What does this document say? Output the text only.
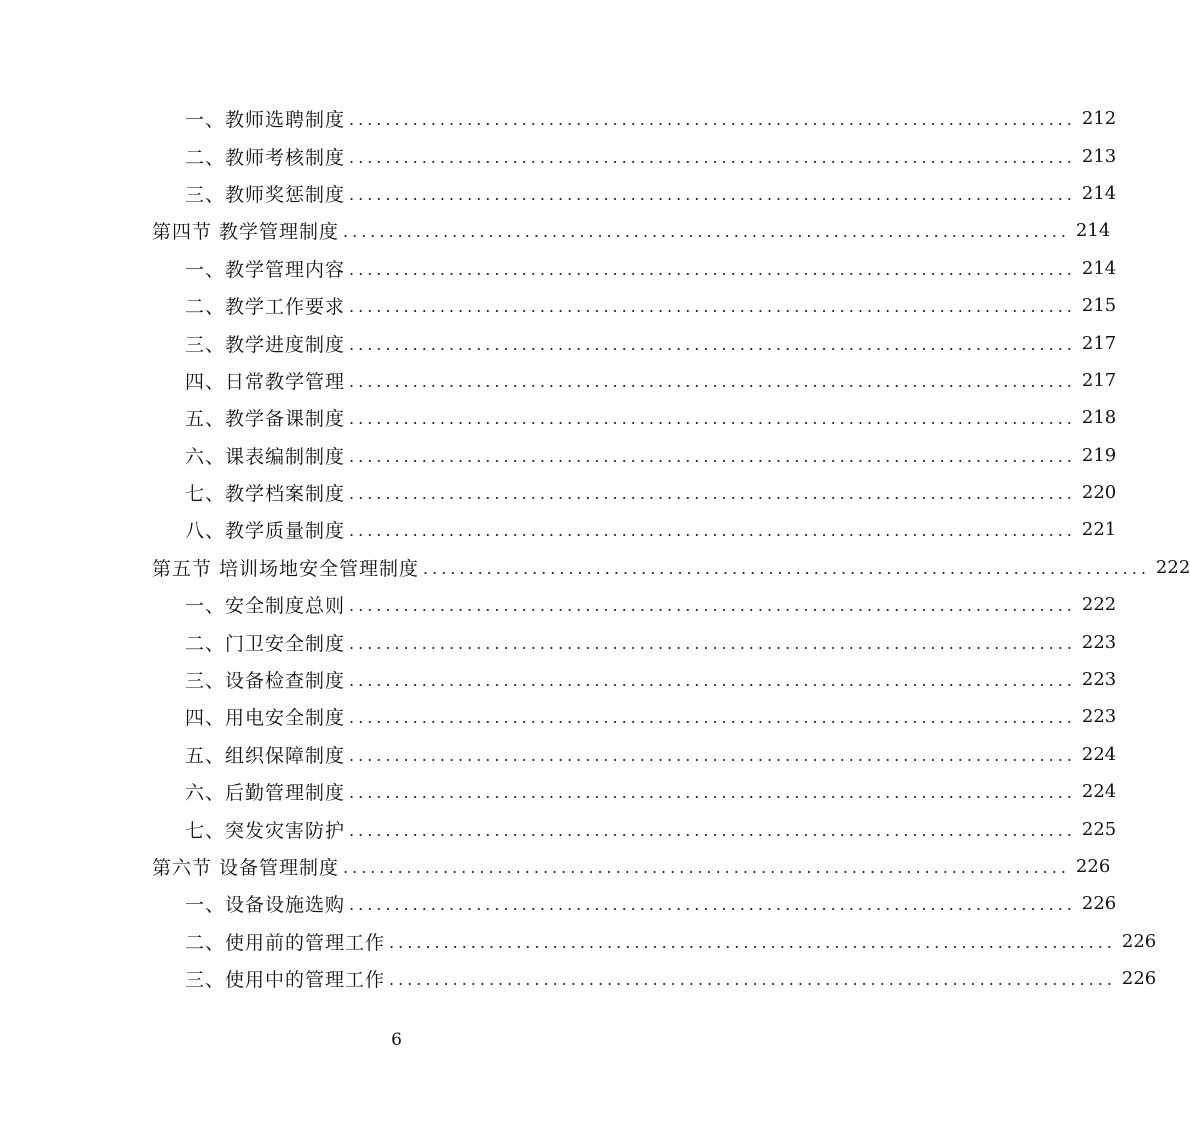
一、教师选聘制度 ................................................................................ 212
二、教师考核制度 ................................................................................ 213
三、教师奖惩制度 ................................................................................ 214
第四节 教学管理制度 ................................................................................ 214
一、教学管理内容 ................................................................................ 214
二、教学工作要求 ................................................................................ 215
三、教学进度制度 ................................................................................ 217
四、日常教学管理 ................................................................................ 217
五、教学备课制度 ................................................................................ 218
六、课表编制制度 ................................................................................ 219
七、教学档案制度 ................................................................................ 220
八、教学质量制度 ................................................................................ 221
第五节 培训场地安全管理制度 ................................................................................ 222
一、安全制度总则 ................................................................................ 222
二、门卫安全制度 ................................................................................ 223
三、设备检查制度 ................................................................................ 223
四、用电安全制度 ................................................................................ 223
五、组织保障制度 ................................................................................ 224
六、后勤管理制度 ................................................................................ 224
七、突发灾害防护 ................................................................................ 225
第六节 设备管理制度 ................................................................................ 226
一、设备设施选购 ................................................................................ 226
二、使用前的管理工作 ................................................................................ 226
三、使用中的管理工作 ................................................................................ 226
6
